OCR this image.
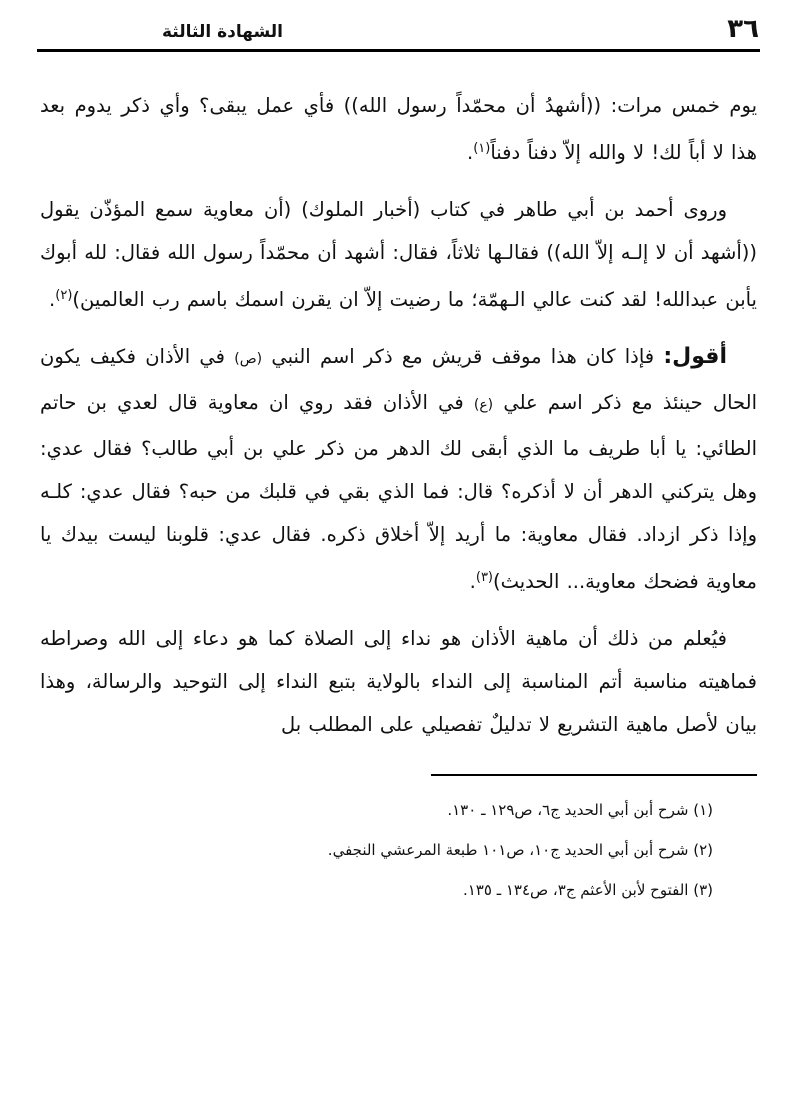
الشهادة الثالثة	٣٦

يوم خمس مرات: ((أشهدُ أن محمّداً رسول الله)) فأي عمل يبقى؟ وأي ذكر يدوم بعد هذا لا أباً لك! لا والله إلاّ دفناً دفناً$^{(١)}$.

وروى أحمد بن أبي طاهر في كتاب (أخبار الملوك) (أن معاوية سمع المؤذّن يقول ((أشهد أن لا إلـه إلاّ الله)) فقالـها ثلاثاً، فقال: أشهد أن محمّداً رسول الله فقال: لله أبوك يأبن عبدالله! لقد كنت عالي الـهمّة؛ ما رضيت إلاّ ان يقرن اسمك باسم رب العالمين)$^{(٢)}$.

أقول: فإذا كان هذا موقف قريش مع ذكر اسم النبي (ص) في الأذان فكيف يكون الحال حينئذ مع ذكر اسم علي (ع) في الأذان فقد روي ان معاوية قال لعدي بن حاتم الطائي: يا أبا طريف ما الذي أبقى لك الدهر من ذكر علي بن أبي طالب؟ فقال عدي: وهل يتركني الدهر أن لا أذكره؟ قال: فما الذي بقي في قلبك من حبه؟ فقال عدي: كلـه وإذا ذكر ازداد. فقال معاوية: ما أريد إلاّ أخلاق ذكره. فقال عدي: قلوبنا ليست بيدك يا معاوية فضحك معاوية... الحديث)$^{(٣)}$.

فيُعلم من ذلك أن ماهية الأذان هو نداء إلى الصلاة كما هو دعاء إلى الله وصراطه فماهيته مناسبة أتم المناسبة إلى النداء بالولاية بتبع النداء إلى التوحيد والرسالة، وهذا بيان لأصل ماهية التشريع لا تدليلٌ تفصيلي على المطلب بل

(١) شرح أبن أبي الحديد ج٦، ص١٢٩ ـ ١٣٠.
(٢) شرح أبن أبي الحديد ج١٠، ص١٠١ طبعة المرعشي النجفي.
(٣) الفتوح لأبن الأعثم ج٣، ص١٣٤ ـ ١٣٥.
